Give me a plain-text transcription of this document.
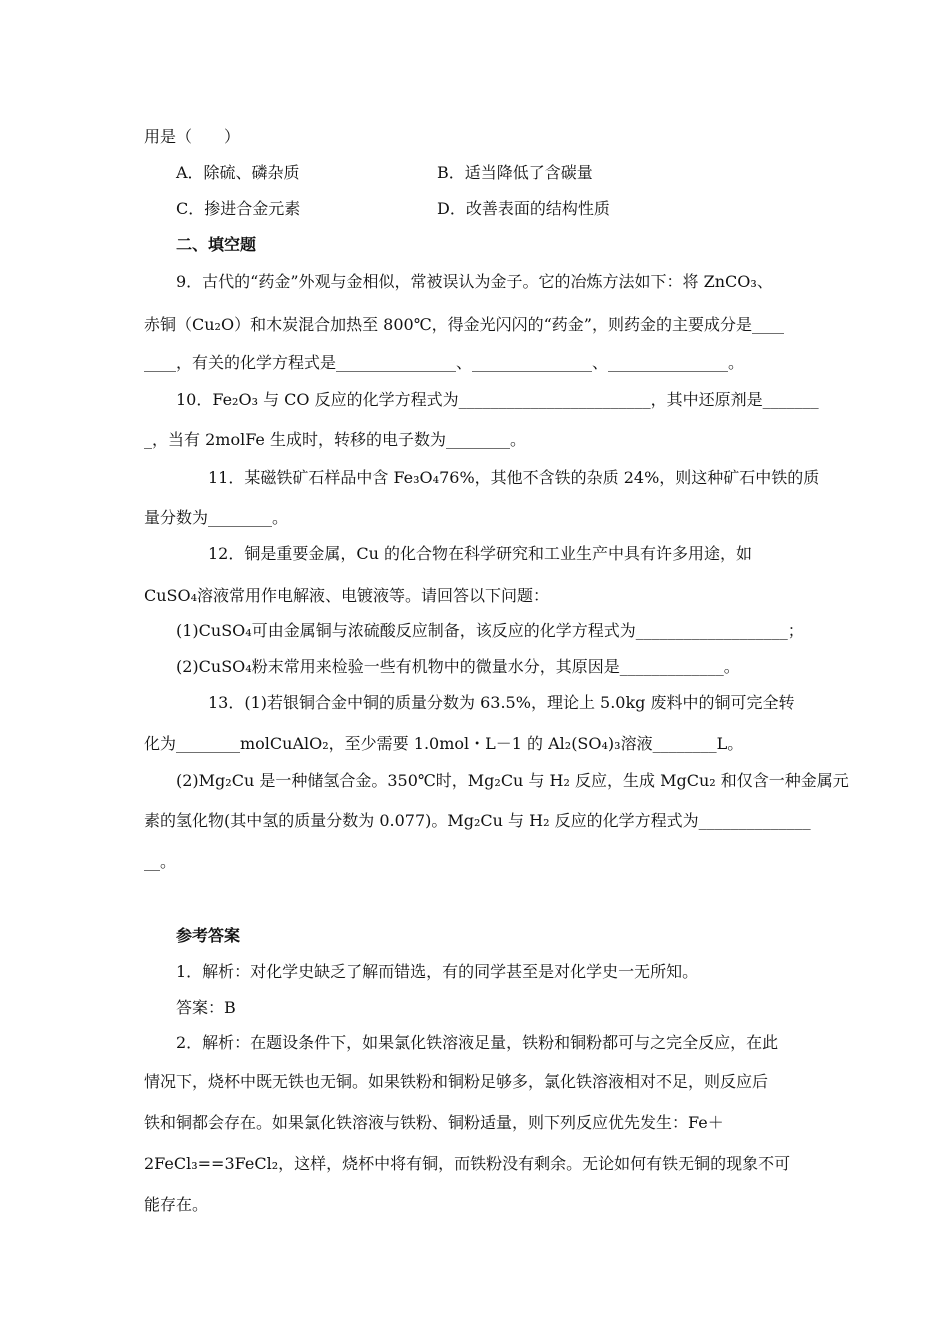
用是（　　）
A．除硫、磷杂质	B．适当降低了含碳量
C．掺进合金元素	D．改善表面的结构性质
二、填空题
9．古代的“药金”外观与金相似，常被误认为金子。它的冶炼方法如下：将 ZnCO₃、
赤铜（Cu₂O）和木炭混合加热至 800℃，得金光闪闪的“药金”，则药金的主要成分是____
____，有关的化学方程式是_______________、_______________、_______________。
10．Fe₂O₃ 与 CO 反应的化学方程式为________________________，其中还原剂是_______
_，当有 2molFe 生成时，转移的电子数为________。
11．某磁铁矿石样品中含 Fe₃O₄76%，其他不含铁的杂质 24%，则这种矿石中铁的质
量分数为________。
12．铜是重要金属，Cu 的化合物在科学研究和工业生产中具有许多用途，如
CuSO₄溶液常用作电解液、电镀液等。请回答以下问题：
(1)CuSO₄可由金属铜与浓硫酸反应制备，该反应的化学方程式为___________________；
(2)CuSO₄粉末常用来检验一些有机物中的微量水分，其原因是_____________。
13．(1)若银铜合金中铜的质量分数为 63.5%，理论上 5.0kg 废料中的铜可完全转
化为________molCuAlO₂，至少需要 1.0mol・L－1 的 Al₂(SO₄)₃溶液________L。
(2)Mg₂Cu 是一种储氢合金。350℃时，Mg₂Cu 与 H₂ 反应，生成 MgCu₂ 和仅含一种金属元
素的氢化物(其中氢的质量分数为 0.077)。Mg₂Cu 与 H₂ 反应的化学方程式为______________
__。
参考答案
1．解析：对化学史缺乏了解而错选，有的同学甚至是对化学史一无所知。
答案：B
2．解析：在题设条件下，如果氯化铁溶液足量，铁粉和铜粉都可与之完全反应，在此
情况下，烧杯中既无铁也无铜。如果铁粉和铜粉足够多，氯化铁溶液相对不足，则反应后
铁和铜都会存在。如果氯化铁溶液与铁粉、铜粉适量，则下列反应优先发生：Fe＋
2FeCl₃==3FeCl₂，这样，烧杯中将有铜，而铁粉没有剩余。无论如何有铁无铜的现象不可
能存在。
